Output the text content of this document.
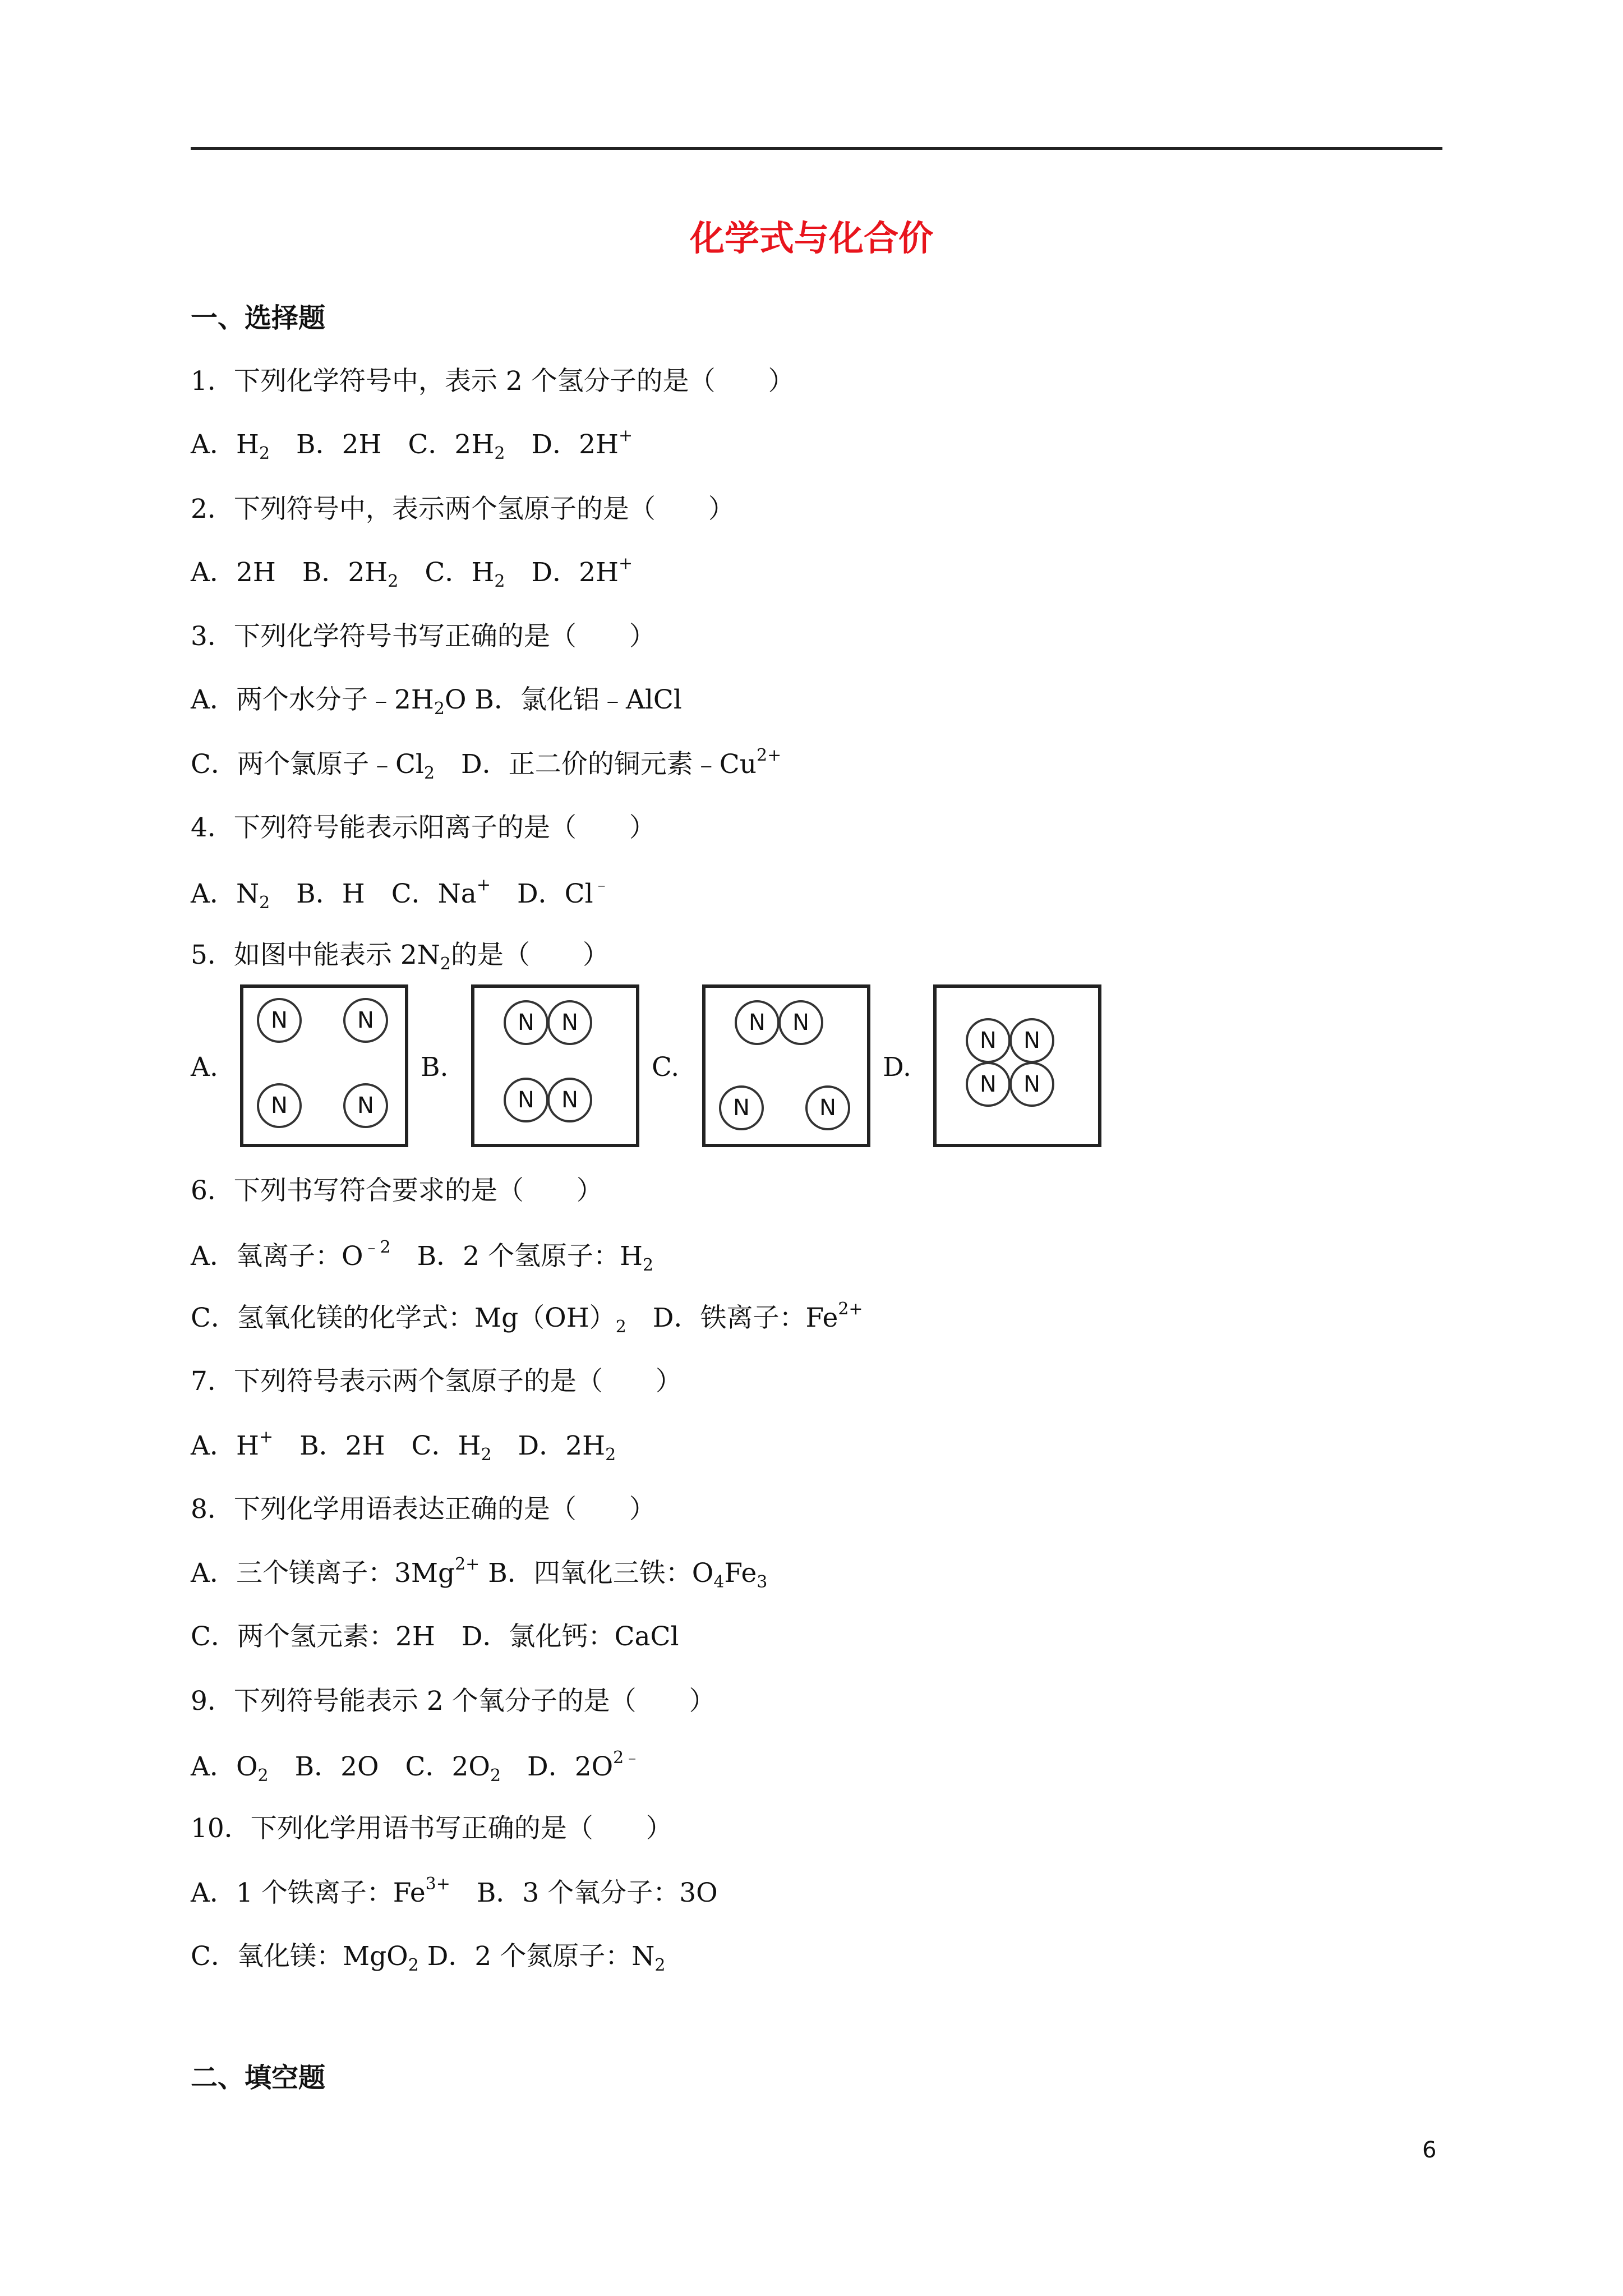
化学式与化合价
一、选择题
1．下列化学符号中，表示 2 个氢分子的是（　　）
A．$H_2$　B．2H　C．$2H_2$　D．2H+
2．下列符号中，表示两个氢原子的是（　　）
A．2H　B．$2H_2$　C．$H_2$　D．2H+
3．下列化学符号书写正确的是（　　）
A．两个水分子$﹣2H_2O$ B．氯化铝﹣AlCl
C．两个氯原子$﹣Cl_2$　D．正二价的铜元素$﹣Cu^{2+}$
4．下列符号能表示阳离子的是（　　）
A．$N_2$　B．H　C．Na+　D．Cl﹣
5．如图中能表示 $2N_2$的是（　　）
A.
N	N
N	N
B.
N	N
N	N
C.
N	N
N	N
D.
N	N
N	N
6．下列书写符合要求的是（　　）
A．氧离子：$O^{﹣2}$　B．2 个氢原子：$H_2$
C．氢氧化镁的化学式：$Mg(OH)_2$　D．铁离子：$Fe^{2+}$
7．下列符号表示两个氢原子的是（　　）
A．H+　B．2H　C．$H_2$　D．$2H_2$
8．下列化学用语表达正确的是（　　）
A．三个镁离子：$3Mg^{2+}$ B．四氧化三铁：$O_4Fe_3$
C．两个氢元素：2H　D．氯化钙：CaCl
9．下列符号能表示 2 个氧分子的是（　　）
A．$O_2$　B．2O　C．$2O_2$　D．$2O^{2﹣}$
10．下列化学用语书写正确的是（　　）
A．1 个铁离子：$Fe^{3+}$　B．3 个氧分子：3O
C．氧化镁：MgO$_2$ D．2 个氮原子：$N_2$
二、填空题
6
